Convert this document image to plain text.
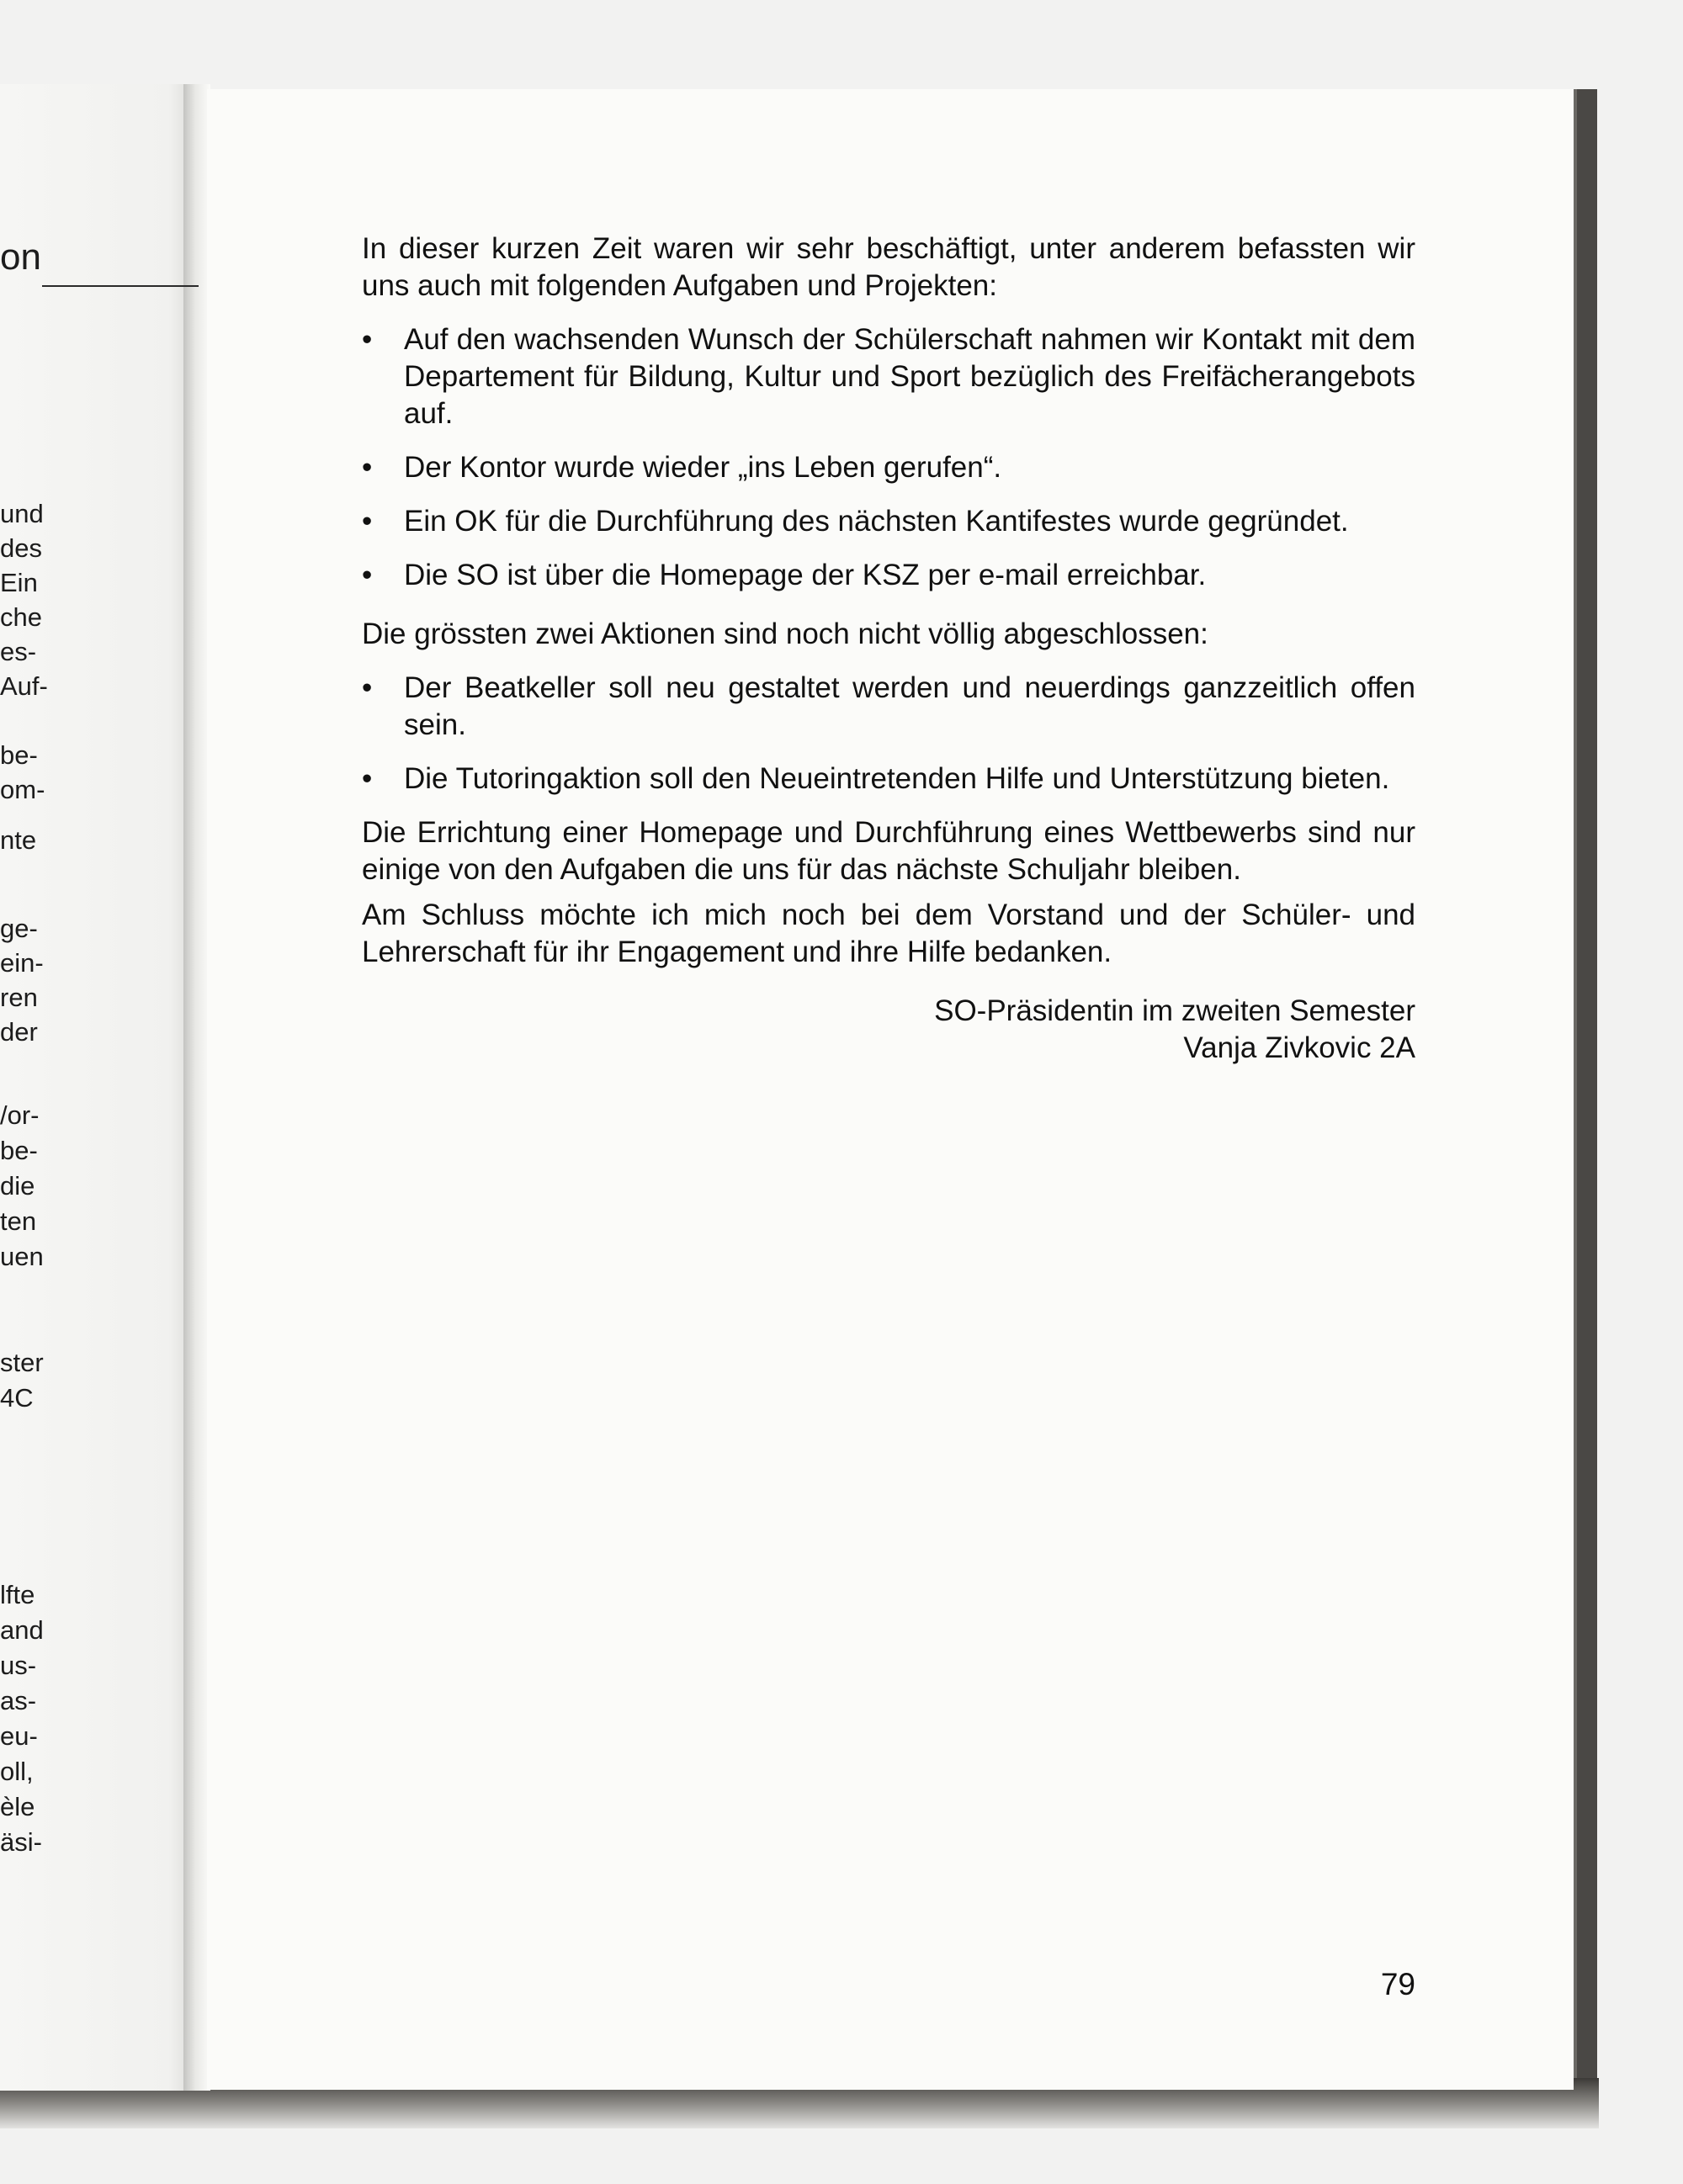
on
und
des
Ein
che
es-
Auf-
be-
om-
nte
ge-
ein-
ren
der
/or-
be-
die
ten
uen
ster
4C
lfte
and
us-
as-
eu-
oll,
èle
äsi-

In dieser kurzen Zeit waren wir sehr beschäftigt, unter anderem befassten wir uns auch mit folgenden Aufgaben und Projekten:

• Auf den wachsenden Wunsch der Schülerschaft nahmen wir Kontakt mit dem Departement für Bildung, Kultur und Sport bezüglich des Freifächerangebots auf.
• Der Kontor wurde wieder „ins Leben gerufen“.
• Ein OK für die Durchführung des nächsten Kantifestes wurde gegründet.
• Die SO ist über die Homepage der KSZ per e-mail erreichbar.

Die grössten zwei Aktionen sind noch nicht völlig abgeschlossen:

• Der Beatkeller soll neu gestaltet werden und neuerdings ganzzeitlich offen sein.
• Die Tutoringaktion soll den Neueintretenden Hilfe und Unterstützung bieten.

Die Errichtung einer Homepage und Durchführung eines Wettbewerbs sind nur einige von den Aufgaben die uns für das nächste Schuljahr bleiben.

Am Schluss möchte ich mich noch bei dem Vorstand und der Schüler- und Lehrerschaft für ihr Engagement und ihre Hilfe bedanken.

SO-Präsidentin im zweiten Semester

Vanja Zivkovic 2A

79
